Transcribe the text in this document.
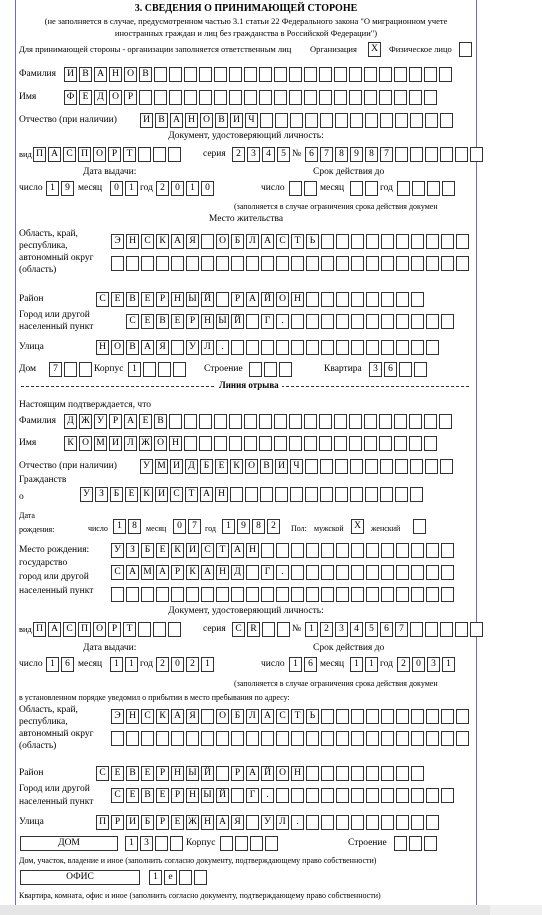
3. СВЕДЕНИЯ О ПРИНИМАЮЩЕЙ СТОРОНЕ
(не заполняется в случае, предусмотренном частью 3.1 статьи 22 Федерального закона "О миграционном учете
иностранных граждан и лиц без гражданства в Российской Федерации")
Для принимающей стороны - организации заполняется ответственным лиц Организация	X	Физическое лицо
Фамилия	И В А Н О В
Имя	Ф Е Д О Р
Отчество (при наличии)	И В А Н О В И Ч
Документ, удостоверяющий личность:
вид П А С П О Р Т	серия	2	3	4	5 № 6	7	8	9	8	7
Дата выдачи:	Срок действия до
число 1	9 месяц	0	1 год 2	0	1	0	число	месяц	год
(заполняется в случае ограничения срока действия докумен
Место жительства
Область, край,
республика,
автономный округ
(область)
Э Н С К А Я	О Б Л А С Т Ь
Район	С Е В Е Р Н Ы Й	Р А Й О Н
Город или другой
населенный пункт
С Е В Е Р Н Ы Й	Г	.
Улица	Н О В А Я	У Л	.
Дом	7	Корпус 1	Строение	Квартира	3	6
Линия отрыва
Настоящим подтверждается, что
Фамилия	Д Ж У Р А Е В
Имя	К О М И Л Ж О Н
Отчество (при наличии)	У М И Д Б Е К О В И Ч
Гражданств
о	У З	Б Е К И С Т А Н
Дата
рождения:	число 1	8	месяц	0	7	год	1	9	8	2	Пол: мужской	X	женский
Место рождения:
государство
У З	Б Е К И С Т А Н
город или другой
населенный пункт
С А М А Р К А Н Д	Г	.
Документ, удостоверяющий личность:
вид П А С П О Р Т	серия	C R	№ 1	2	3	4	5	6	7
Дата выдачи:	Срок действия до
число 1	6 месяц	1	1 год 2	0	2	1	число 1	6 месяц	1	1 год 2	0	3	1
(заполняется в случае ограничения срока действия докумен
в установленном порядке уведомил о прибытии в место пребывания по адресу:
Область, край,
республика,
автономный округ
(область)
Э Н С К А Я	О Б Л А С Т Ь
Район	С Е В Е Р Н Ы Й	Р А Й О Н
Город или другой
населенный пункт
С Е В Е Р Н Ы Й	Г	.
Улица	П Р И Б	Р Е Ж Н А Я	У Л	.
ДОМ	1	3	Корпус	Строение
Дом, участок, владение и иное (заполнить согласно документу, подтверждающему право собственности)
ОФИС	1	е
Квартира, комната, офис и иное (заполнить согласно документу, подтверждающему право собственности)
